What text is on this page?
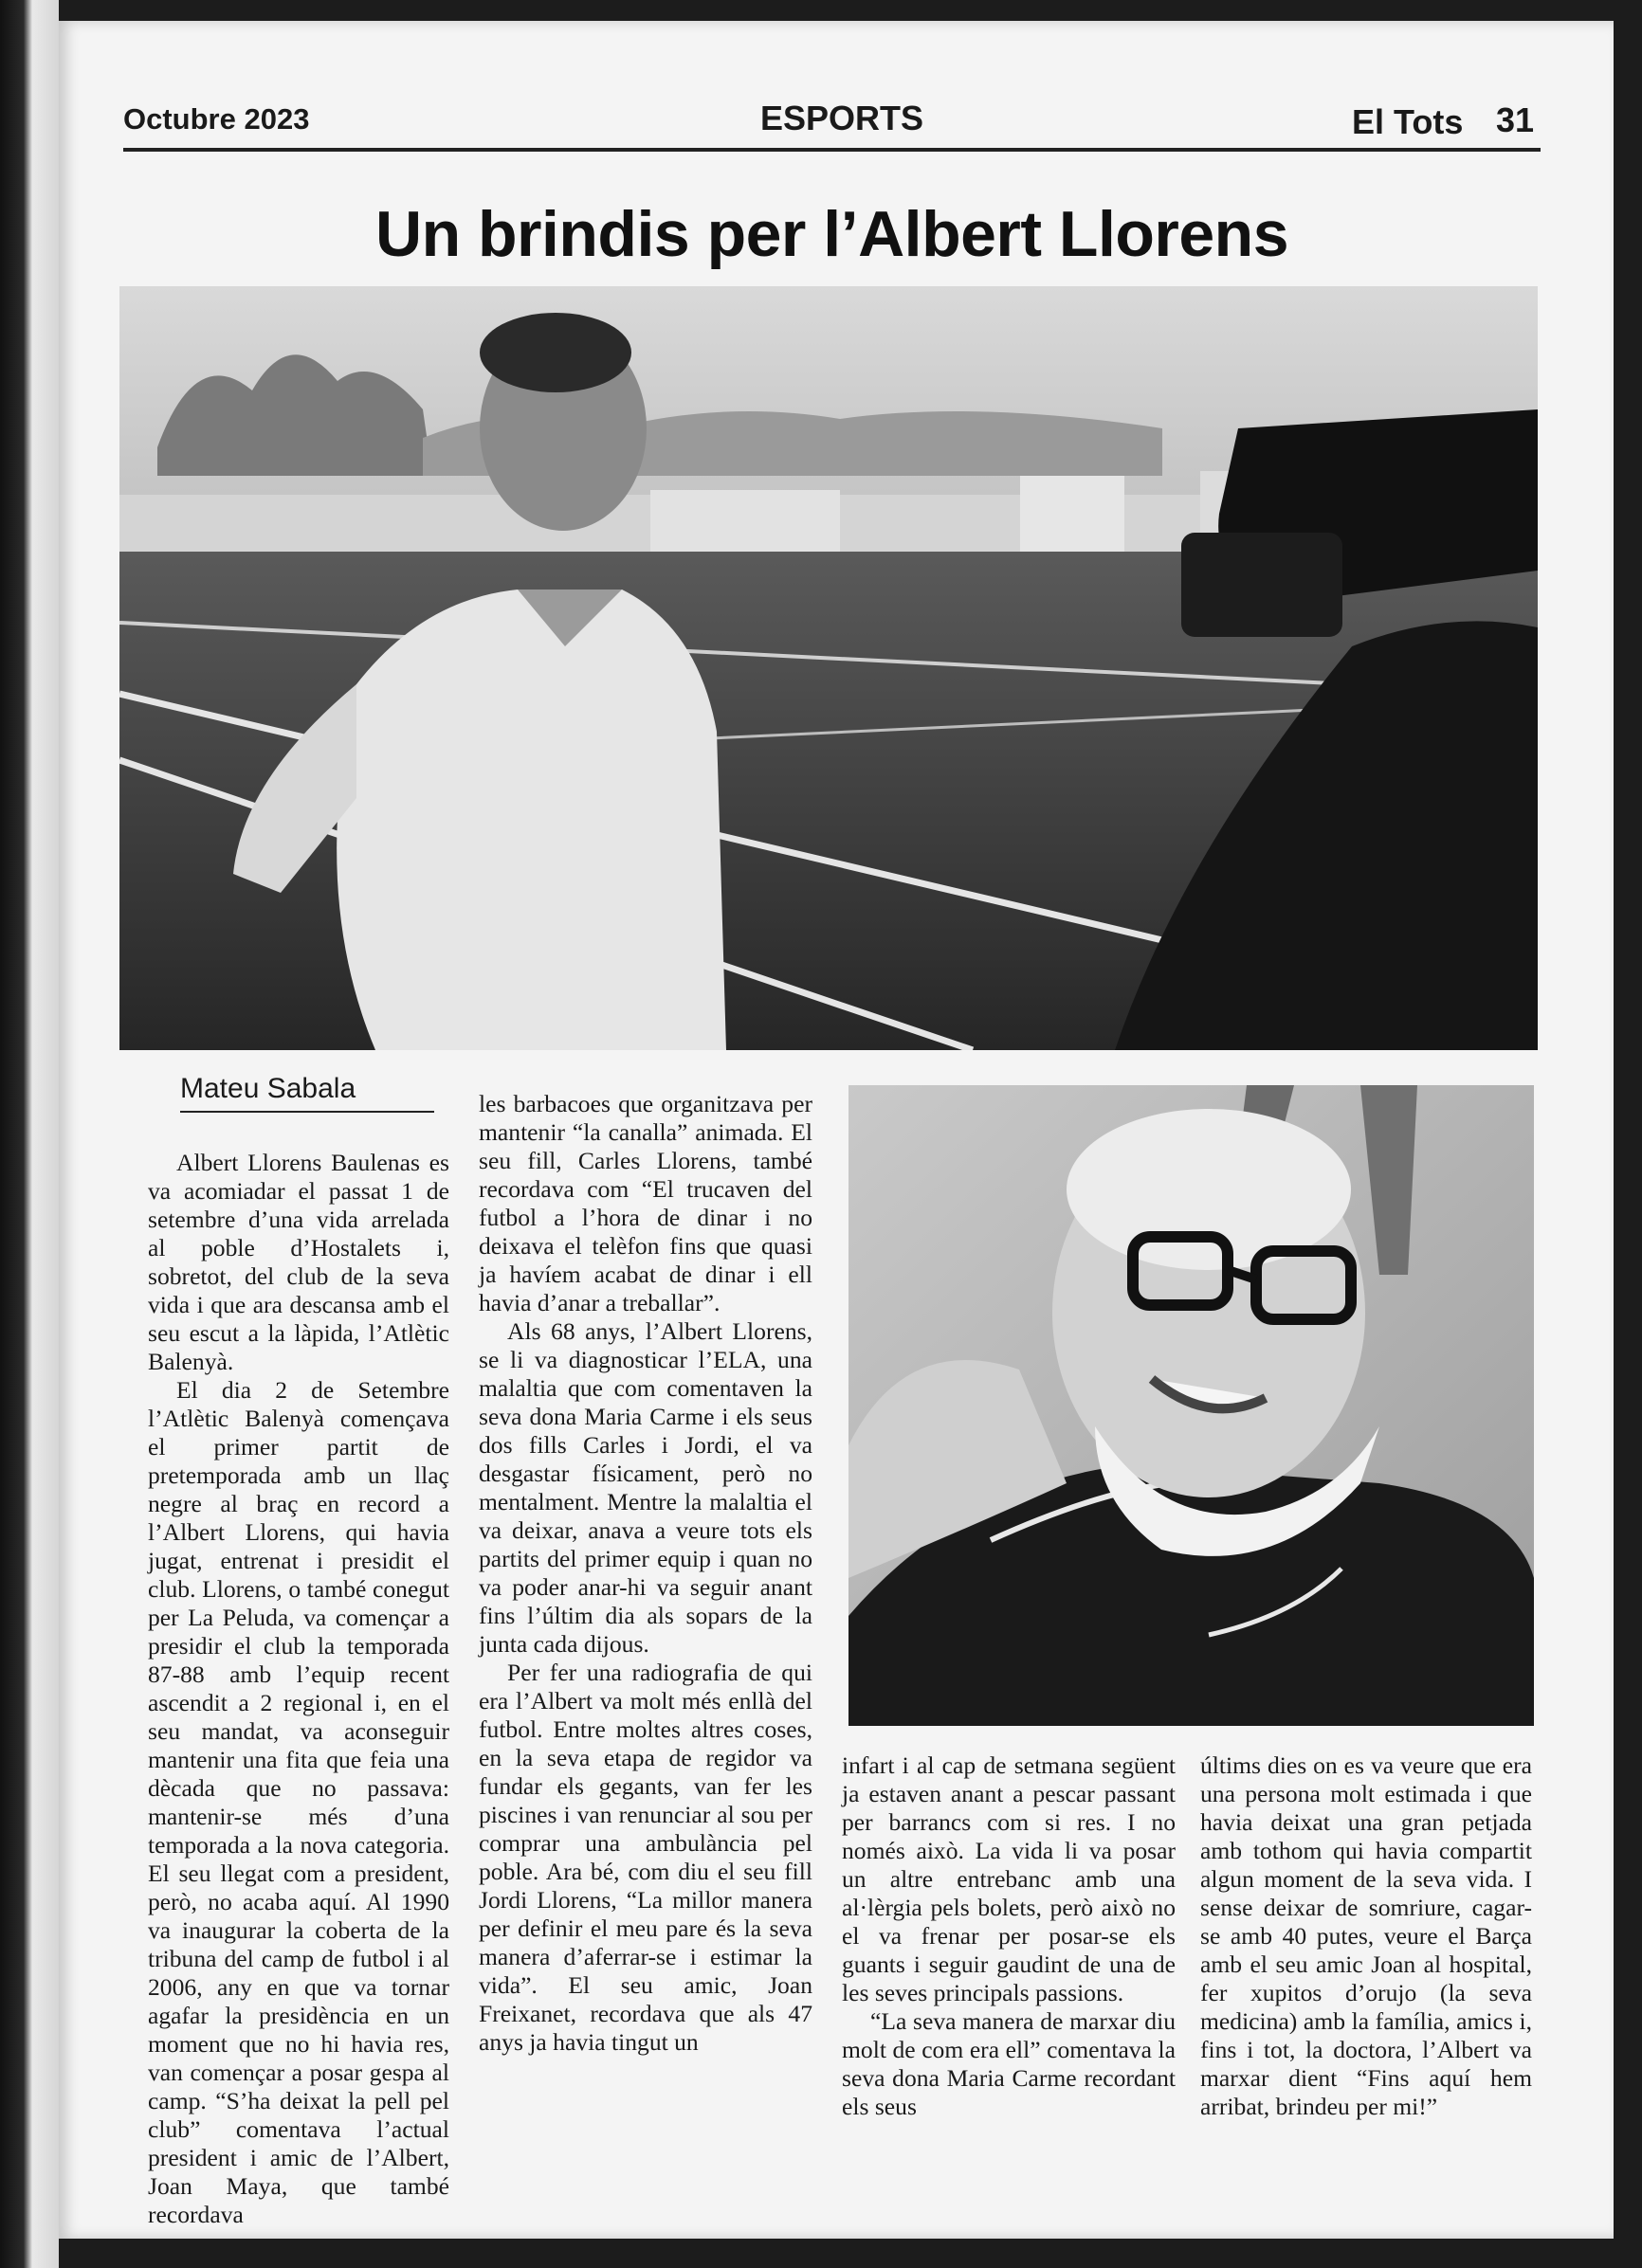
Octubre 2023	ESPORTS	El Tots 31
Un brindis per l’Albert Llorens
Mateu Sabala

Albert Llorens Baulenas es va acomiadar el passat 1 de setembre d’una vida arrelada al poble d’Hostalets i, sobretot, del club de la seva vida i que ara descansa amb el seu escut a la làpida, l’Atlètic Balenyà.

El dia 2 de Setembre l’Atlètic Balenyà començava el primer partit de pretemporada amb un llaç negre al braç en record a l’Albert Llorens, qui havia jugat, entrenat i presidit el club. Llorens, o també conegut per La Peluda, va començar a presidir el club la temporada 87-88 amb l’equip recent ascendit a 2 regional i, en el seu mandat, va aconseguir mantenir una fita que feia una dècada que no passava: mantenir-se més d’una temporada a la nova categoria. El seu llegat com a president, però, no acaba aquí. Al 1990 va inaugurar la coberta de la tribuna del camp de futbol i al 2006, any en que va tornar agafar la presidència en un moment que no hi havia res, van començar a posar gespa al camp. “S’ha deixat la pell pel club” comentava l’actual president i amic de l’Albert, Joan Maya, que també recordava

les barbacoes que organitzava per mantenir “la canalla” animada. El seu fill, Carles Llorens, també recordava com “El trucaven del futbol a l’hora de dinar i no deixava el telèfon fins que quasi ja havíem acabat de dinar i ell havia d’anar a treballar”.

Als 68 anys, l’Albert Llorens, se li va diagnosticar l’ELA, una malaltia que com comentaven la seva dona Maria Carme i els seus dos fills Carles i Jordi, el va desgastar físicament, però no mentalment. Mentre la malaltia el va deixar, anava a veure tots els partits del primer equip i quan no va poder anar-hi va seguir anant fins l’últim dia als sopars de la junta cada dijous.

Per fer una radiografia de qui era l’Albert va molt més enllà del futbol. Entre moltes altres coses, en la seva etapa de regidor va fundar els gegants, van fer les piscines i van renunciar al sou per comprar una ambulància pel poble. Ara bé, com diu el seu fill Jordi Llorens, “La millor manera per definir el meu pare és la seva manera d’aferrar-se i estimar la vida”. El seu amic, Joan Freixanet, recordava que als 47 anys ja havia tingut un

infart i al cap de setmana següent ja estaven anant a pescar passant per barrancs com si res. I no només això. La vida li va posar un altre entrebanc amb una al·lèrgia pels bolets, però això no el va frenar per posar-se els guants i seguir gaudint de una de les seves principals passions.

“La seva manera de marxar diu molt de com era ell” comentava la seva dona Maria Carme recordant els seus

últims dies on es va veure que era una persona molt estimada i que havia deixat una gran petjada amb tothom qui havia compartit algun moment de la seva vida. I sense deixar de somriure, cagar-se amb 40 putes, veure el Barça amb el seu amic Joan al hospital, fer xupitos d’orujo (la seva medicina) amb la família, amics i, fins i tot, la doctora, l’Albert va marxar dient “Fins aquí hem arribat, brindeu per mi!”
